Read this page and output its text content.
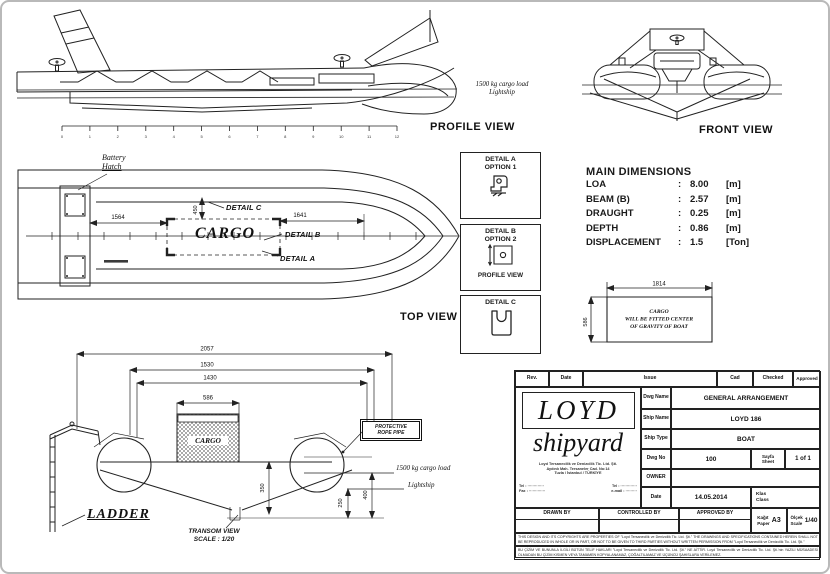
0	1	2	3	4	5	6	7	8	9	10	11	12
1500 kg cargo load
Lightship
PROFILE VIEW	FRONT VIEW
1564	1641
450
Battery
Hatch
CARGO
DETAIL C
DETAIL B
DETAIL A
TOP VIEW
DETAIL A
OPTION 1
DETAIL B
OPTION 2
PROFILE VIEW
DETAIL C
MAIN DIMENSIONS
LOA	: 8.00	[m]
BEAM (B)	: 2.57	[m]
DRAUGHT	: 0.25	[m]
DEPTH	: 0.86	[m]
DISPLACEMENT	: 1.5	[Ton]
1814
586
CARGO
WILL BE FITTED CENTER
OF GRAVITY OF BOAT
CARGO
2057
1530
1430
586
350
400
250
PROTECTIVE
ROPE PIPE
1500 kg cargo load
Lightship
LADDER
TRANSOM VIEW
SCALE : 1/20
Rev.	Date	Issue	Cad	Checked	Approved
LOYD
shipyard
Loyd Tersanecilik ve Denizcilik Tic. Ltd. Şti.
Aydınlı Mah. Tersaneler Cad. No:14
Tuzla / İstanbul / TÜRKİYE
Tel : ·············
Fax : ·············
Tel : ·············
e-mail : ·········
Dwg Name	GENERAL ARRANGEMENT
Ship Name	LOYD 186
Ship Type	BOAT
Dwg No	100	Sayfa
Sheet	1 of 1
OWNER
Date	14.05.2014	Klas
Class
DRAWN BY	CONTROLLED BY	APPROVED BY
Kağıt
Paper A3 Ölçek
Scale 1/40
THIS DESIGN AND ITS COPYRIGHTS ARE PROPERTIES OF "Loyd Tersanecilik ve Denizcilik Tic. Ltd. Şti." THE DRAWINGS AND SPECIFICATIONS CONTAINED HEREIN SHALL NOT BE REPRODUCED IN WHOLE OR IN PART, OR NOT TO BE GIVEN TO THIRD PARTIES WITHOUT WRITTEN PERMISSION FROM "Loyd Tersanecilik ve Denizcilik Tic. Ltd. Şti."
BU ÇİZİM VE BUNUNLA İLGİLİ BÜTÜN TELİF HAKLARI "Loyd Tersanecilik ve Denizcilik Tic. Ltd. Şti." NE AİTTİR. Loyd Tersanecilik ve Denizcilik Tic. Ltd. Şti.'nin YAZILI MÜSAADESİ OLMADAN BU ÇİZİM KISMEN VEYA TAMAMEN KOPYALANAMAZ, ÇOĞALTILAMAZ VE ÜÇÜNCÜ ŞAHISLARA VERİLEMEZ.
